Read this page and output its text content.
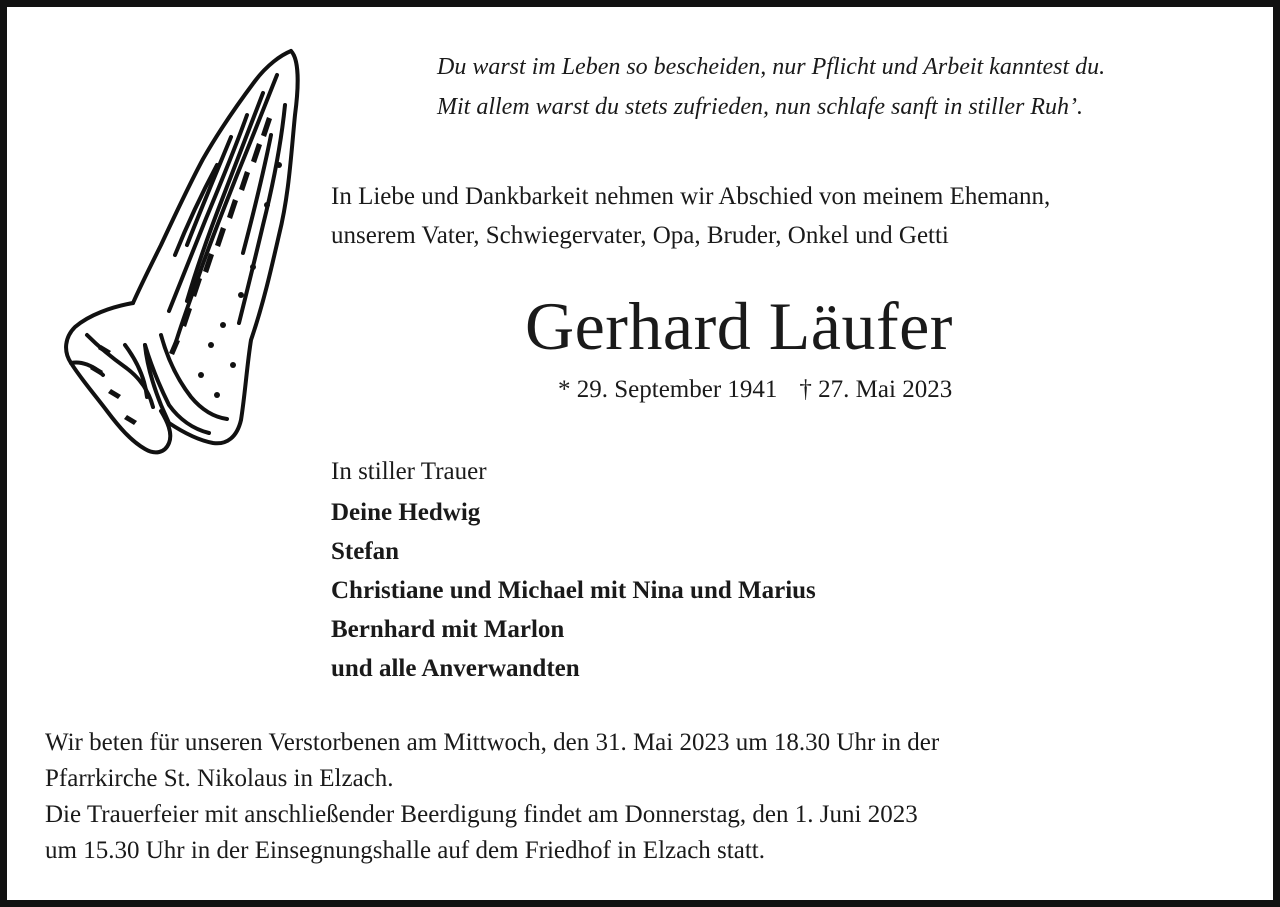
Du warst im Leben so bescheiden, nur Pflicht und Arbeit kanntest du.
Mit allem warst du stets zufrieden, nun schlafe sanft in stiller Ruh’.
In Liebe und Dankbarkeit nehmen wir Abschied von meinem Ehemann,
unserem Vater, Schwiegervater, Opa, Bruder, Onkel und Getti
Gerhard Läufer
* 29. September 1941 † 27. Mai 2023
In stiller Trauer
Deine Hedwig
Stefan
Christiane und Michael mit Nina und Marius
Bernhard mit Marlon
und alle Anverwandten
Wir beten für unseren Verstorbenen am Mittwoch, den 31. Mai 2023 um 18.30 Uhr in der
Pfarrkirche St. Nikolaus in Elzach.
Die Trauerfeier mit anschließender Beerdigung findet am Donnerstag, den 1. Juni 2023
um 15.30 Uhr in der Einsegnungshalle auf dem Friedhof in Elzach statt.
